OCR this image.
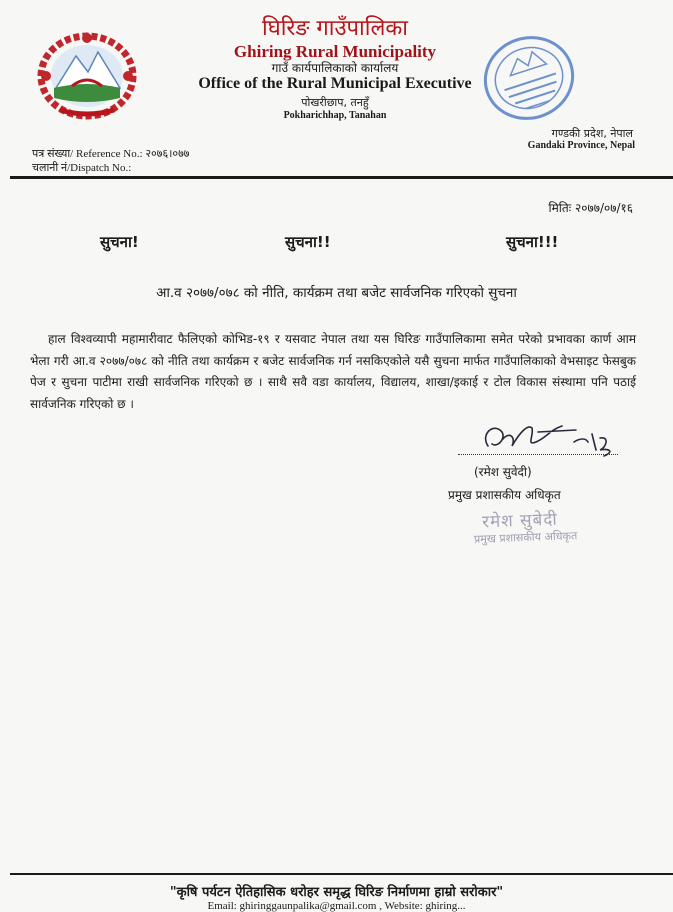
घिरिङ गाउँपालिका
Ghiring Rural Municipality
गाउँ कार्यपालिकाको कार्यालय
Office of the Rural Municipal Executive
पोखरीछाप, तनहुँ
Pokharichhap, Tanahan
गण्डकी प्रदेश, नेपाल
Gandaki Province, Nepal
पत्र संख्या/ Reference No.: २०७६।०७७
चलानी नं/Dispatch No.:
मितिः २०७७/०७/१६
सुचना!	सुचना!!	सुचना!!!
आ.व २०७७/०७८ को नीति, कार्यक्रम तथा बजेट सार्वजनिक गरिएको सुचना
हाल विश्वव्यापी महामारीवाट फैलिएको कोभिड-१९ र यसवाट नेपाल तथा यस घिरिङ गाउँपालिकामा समेत परेको प्रभावका कार्ण आम भेला गरी आ.व २०७७/०७८ को नीति तथा कार्यक्रम र बजेट सार्वजनिक गर्न नसकिएकोले यसै सुचना मार्फत गाउँपालिकाको वेभसाइट फेसबुक पेज र सुचना पाटीमा राखी सार्वजनिक गरिएको छ । साथै सवै वडा कार्यालय, विद्यालय, शाखा/इकाई र टोल विकास संस्थामा पनि पठाई सार्वजनिक गरिएको छ ।
(रमेश सुवेदी)
प्रमुख प्रशासकीय अधिकृत
रमेश सुबेदी
प्रमुख प्रशासकीय अधिकृत
"कृषि पर्यटन ऐतिहासिक धरोहर समृद्ध घिरिङ निर्माणमा हाम्रो सरोकार"
Email: ghiringgaunpalika@gmail.com , Website: ghiring...
